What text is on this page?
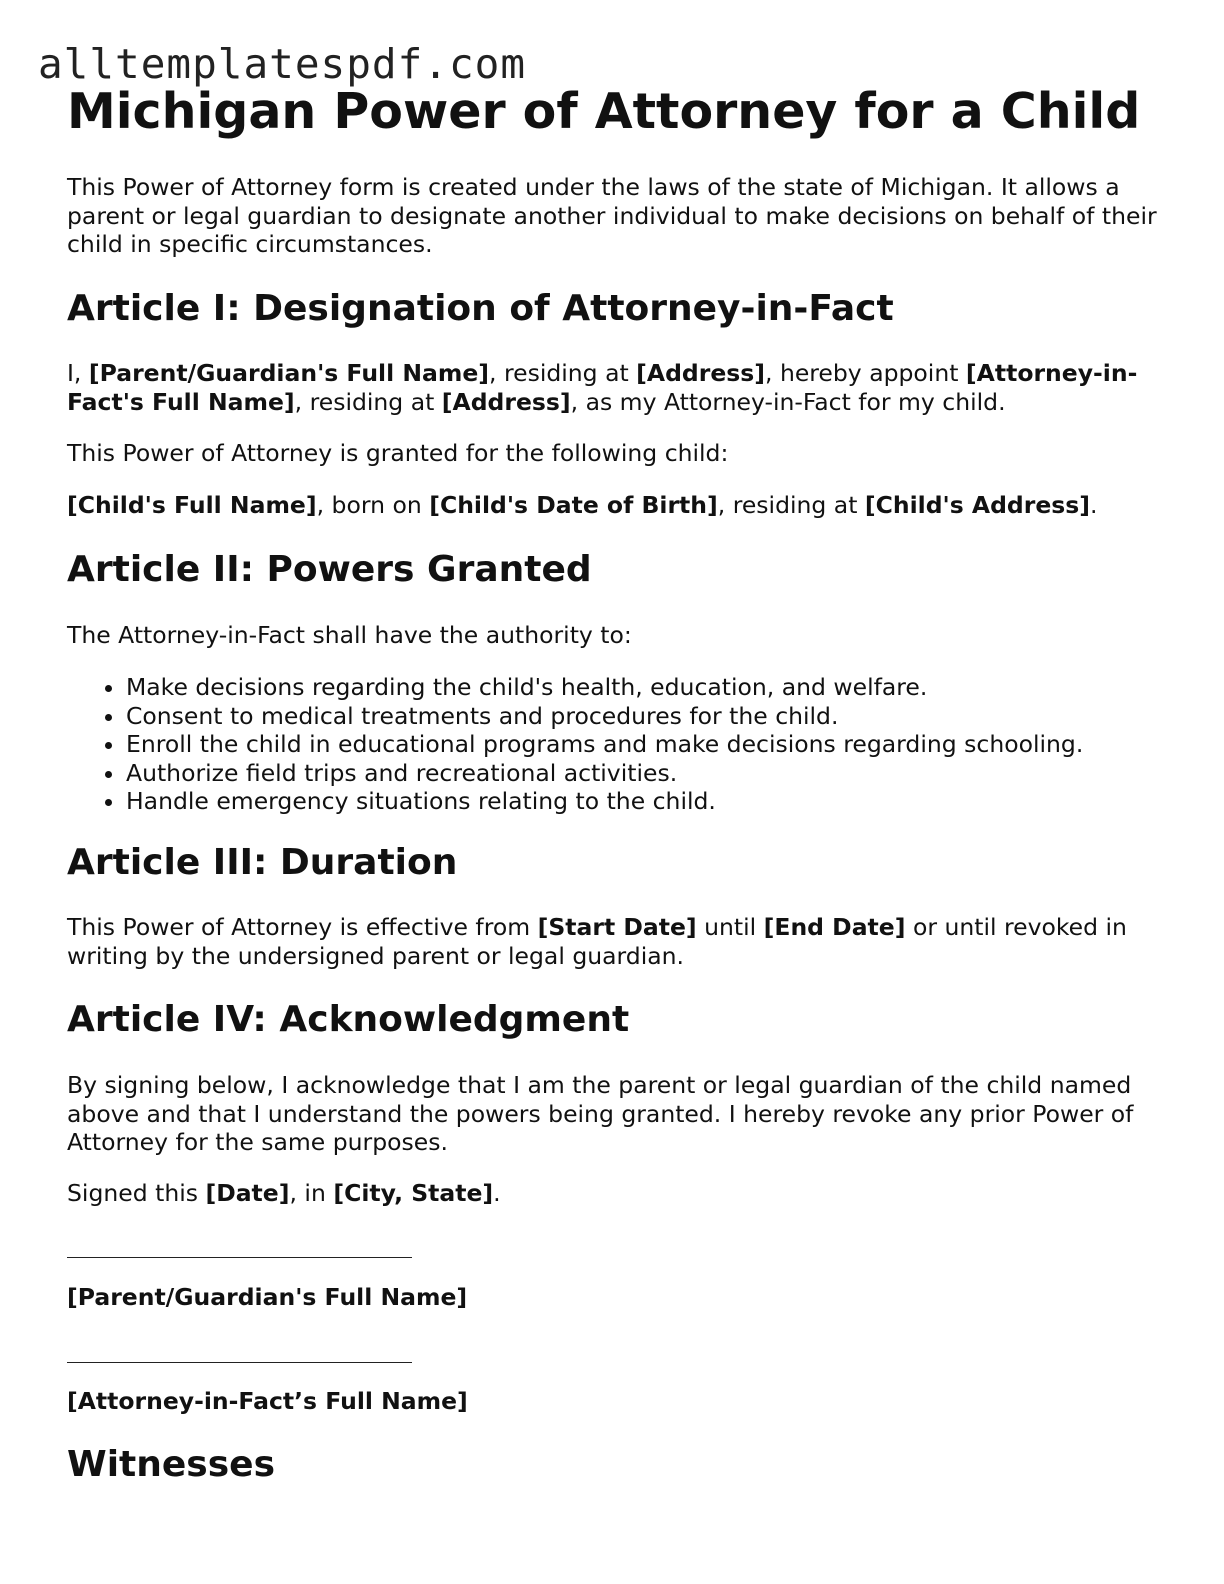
alltemplatespdf.com
Michigan Power of Attorney for a Child

This Power of Attorney form is created under the laws of the state of Michigan. It allows a parent or legal guardian to designate another individual to make decisions on behalf of their child in specific circumstances.

Article I: Designation of Attorney-in-Fact

I, [Parent/Guardian's Full Name], residing at [Address], hereby appoint [Attorney-in-Fact's Full Name], residing at [Address], as my Attorney-in-Fact for my child.

This Power of Attorney is granted for the following child:

[Child's Full Name], born on [Child's Date of Birth], residing at [Child's Address].

Article II: Powers Granted

The Attorney-in-Fact shall have the authority to:

• Make decisions regarding the child's health, education, and welfare.
• Consent to medical treatments and procedures for the child.
• Enroll the child in educational programs and make decisions regarding schooling.
• Authorize field trips and recreational activities.
• Handle emergency situations relating to the child.
Article III: Duration

This Power of Attorney is effective from [Start Date] until [End Date] or until revoked in writing by the undersigned parent or legal guardian.

Article IV: Acknowledgment

By signing below, I acknowledge that I am the parent or legal guardian of the child named above and that I understand the powers being granted. I hereby revoke any prior Power of Attorney for the same purposes.

Signed this [Date], in [City, State].

[Parent/Guardian's Full Name]

[Attorney-in-Fact’s Full Name]

Witnesses
